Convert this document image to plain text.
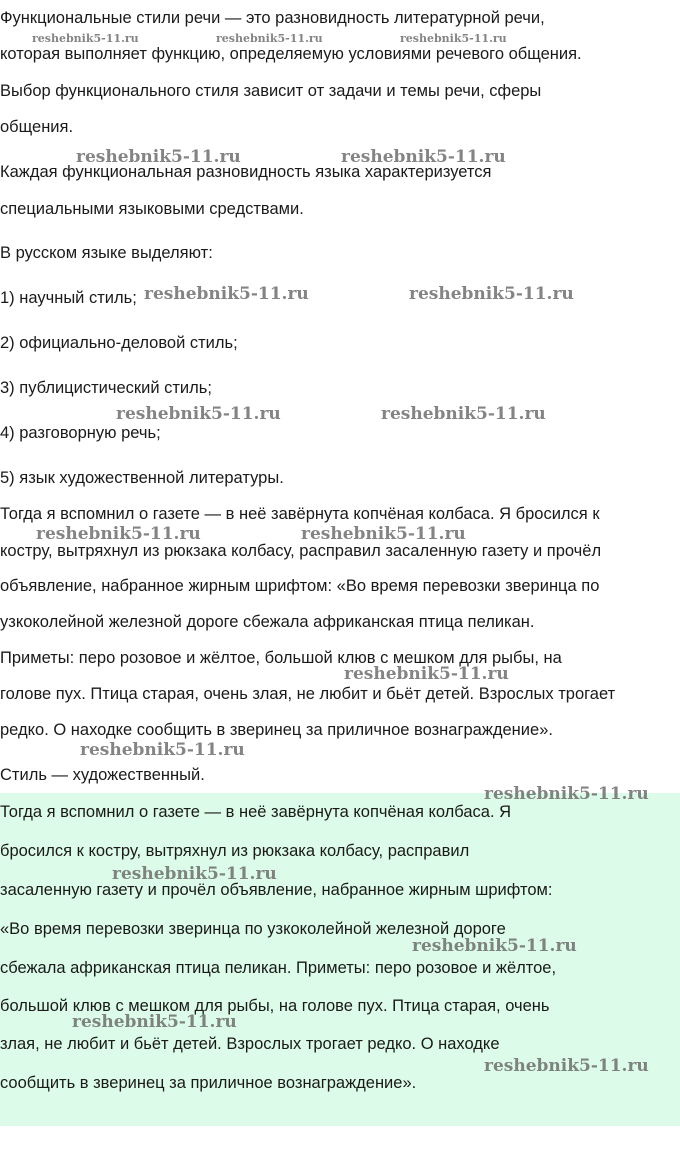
Функциональные стили речи — это разновидность литературной речи,

которая выполняет функцию, определяемую условиями речевого общения.

Выбор функционального стиля зависит от задачи и темы речи, сферы

общения.

Каждая функциональная разновидность языка характеризуется

специальными языковыми средствами.

В русском языке выделяют:

1) научный стиль;

2) официально-деловой стиль;

3) публицистический стиль;

4) разговорную речь;

5) язык художественной литературы.

Тогда я вспомнил о газете — в неё завёрнута копчёная колбаса. Я бросился к

костру, вытряхнул из рюкзака колбасу, расправил засаленную газету и прочёл

объявление, набранное жирным шрифтом: «Во время перевозки зверинца по

узкоколейной железной дороге сбежала африканская птица пеликан.

Приметы: перо розовое и жёлтое, большой клюв с мешком для рыбы, на

голове пух. Птица старая, очень злая, не любит и бьёт детей. Взрослых трогает

редко. О находке сообщить в зверинец за приличное вознаграждение».

Стиль — художественный.

Тогда я вспомнил о газете — в неё завёрнута копчёная колбаса. Я

бросился к костру, вытряхнул из рюкзака колбасу, расправил

засаленную газету и прочёл объявление, набранное жирным шрифтом:

«Во время перевозки зверинца по узкоколейной железной дороге

сбежала африканская птица пеликан. Приметы: перо розовое и жёлтое,

большой клюв с мешком для рыбы, на голове пух. Птица старая, очень

злая, не любит и бьёт детей. Взрослых трогает редко. О находке

сообщить в зверинец за приличное вознаграждение».

reshebnik5-11.ru	reshebnik5-11.ru	reshebnik5-11.ru
reshebnik5-11.ru	reshebnik5-11.ru
reshebnik5-11.ru	reshebnik5-11.ru
reshebnik5-11.ru	reshebnik5-11.ru
reshebnik5-11.ru	reshebnik5-11.ru
reshebnik5-11.ru
reshebnik5-11.ru
reshebnik5-11.ru
reshebnik5-11.ru
reshebnik5-11.ru
reshebnik5-11.ru
reshebnik5-11.ru
